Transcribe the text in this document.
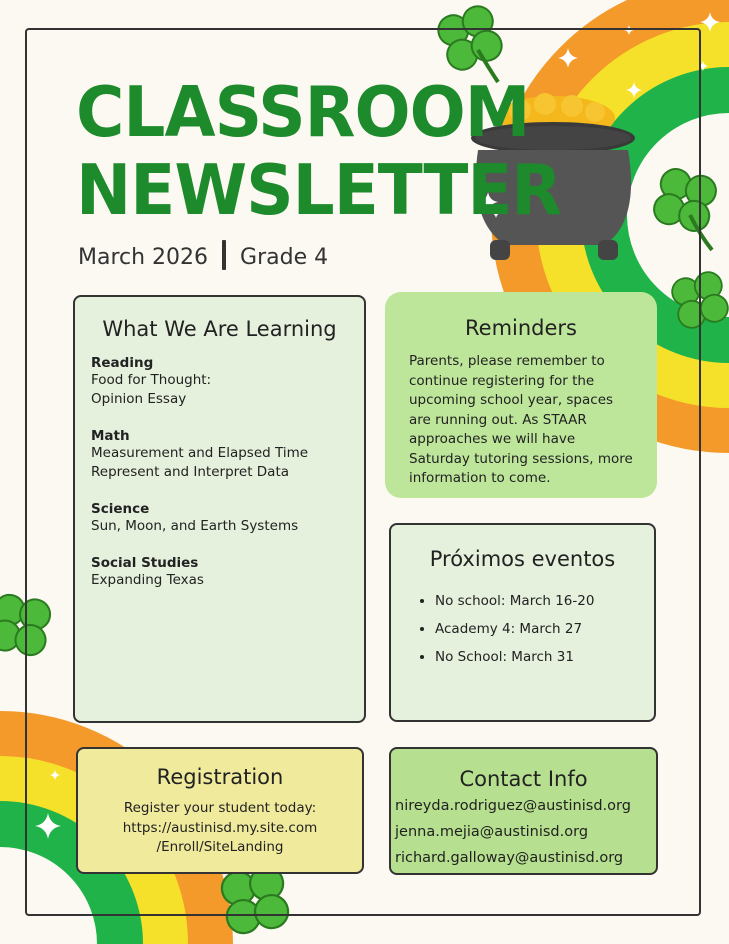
CLASSROOM
NEWSLETTER
March 2026 Grade 4
What We Are Learning
Reading
Food for Thought:
Opinion Essay
Math
Measurement and Elapsed Time
Represent and Interpret Data
Science
Sun, Moon, and Earth Systems
Social Studies
Expanding Texas
Reminders

Parents, please remember to continue registering for the upcoming school year, spaces are running out. As STAAR approaches we will have Saturday tutoring sessions, more information to come.

Próximos eventos
• No school: March 16-20
• Academy 4: March 27
• No School: March 31
Registration

Register your student today:

https://austinisd.my.site.com

/Enroll/SiteLanding

Contact Info
nireyda.rodriguez@austinisd.org
jenna.mejia@austinisd.org
richard.galloway@austinisd.org
